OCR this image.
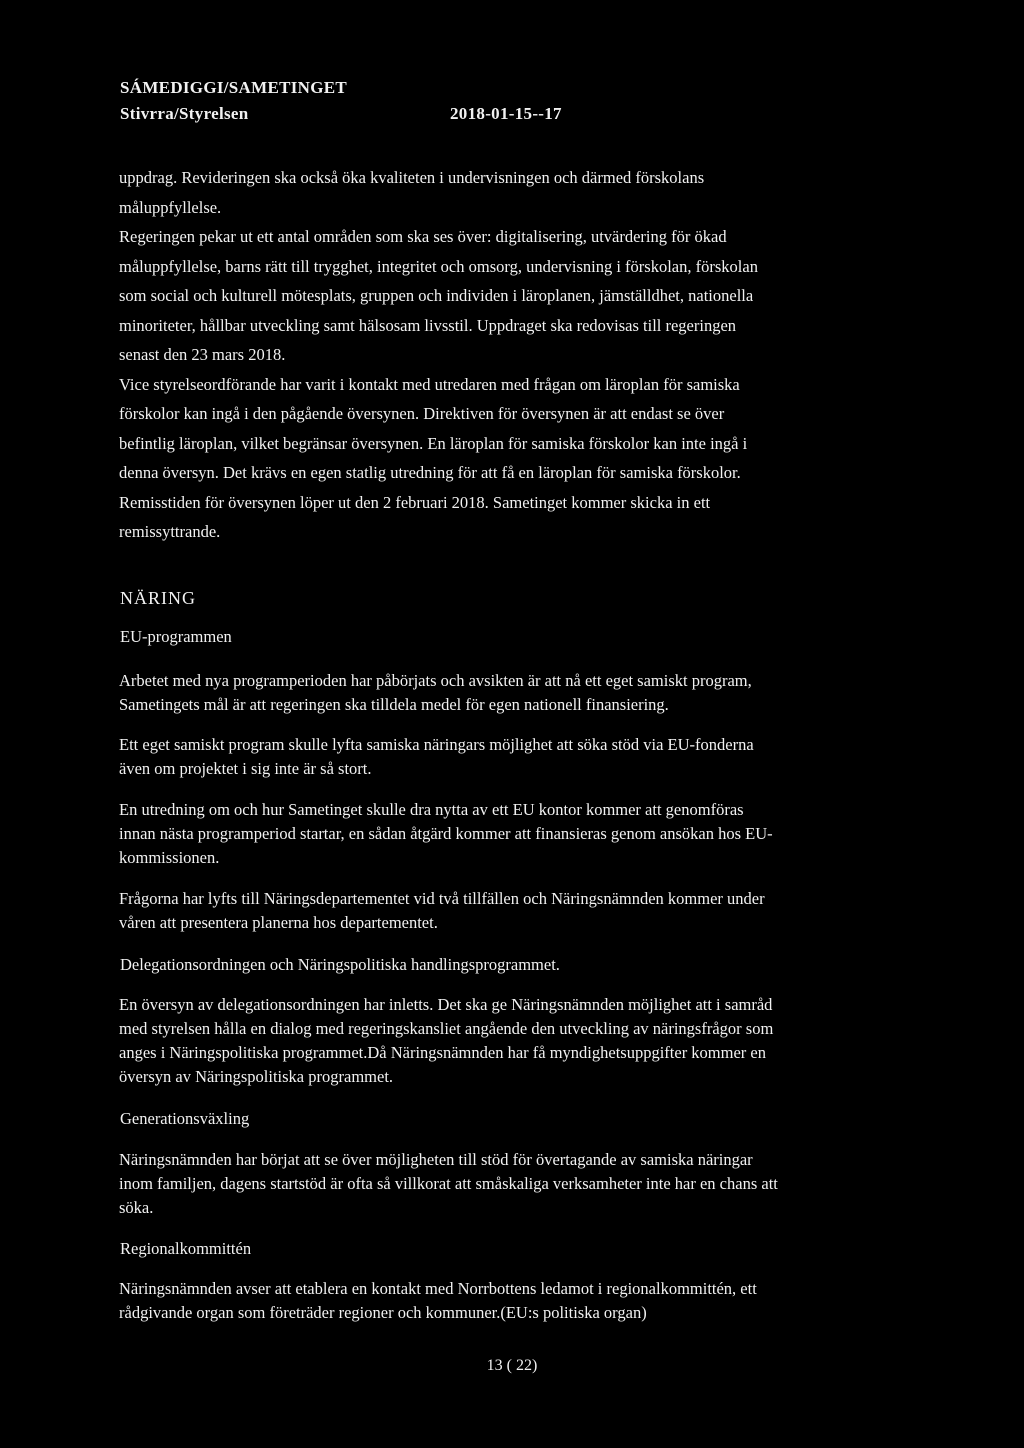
SÁMEDIGGI/SAMETINGET
Stivrra/Styrelsen	2018-01-15--17
uppdrag. Revideringen ska också öka kvaliteten i undervisningen och därmed förskolans
måluppfyllelse.
Regeringen pekar ut ett antal områden som ska ses över: digitalisering, utvärdering för ökad
måluppfyllelse, barns rätt till trygghet, integritet och omsorg, undervisning i förskolan, förskolan
som social och kulturell mötesplats, gruppen och individen i läroplanen, jämställdhet, nationella
minoriteter, hållbar utveckling samt hälsosam livsstil. Uppdraget ska redovisas till regeringen
senast den 23 mars 2018.
Vice styrelseordförande har varit i kontakt med utredaren med frågan om läroplan för samiska
förskolor kan ingå i den pågående översynen. Direktiven för översynen är att endast se över
befintlig läroplan, vilket begränsar översynen. En läroplan för samiska förskolor kan inte ingå i
denna översyn. Det krävs en egen statlig utredning för att få en läroplan för samiska förskolor.
Remisstiden för översynen löper ut den 2 februari 2018. Sametinget kommer skicka in ett
remissyttrande.
NÄRING
EU-programmen
Arbetet med nya programperioden har påbörjats och avsikten är att nå ett eget samiskt program,
Sametingets mål är att regeringen ska tilldela medel för egen nationell finansiering.
Ett eget samiskt program skulle lyfta samiska näringars möjlighet att söka stöd via EU-fonderna
även om projektet i sig inte är så stort.
En utredning om och hur Sametinget skulle dra nytta av ett EU kontor kommer att genomföras
innan nästa programperiod startar, en sådan åtgärd kommer att finansieras genom ansökan hos EU-
kommissionen.
Frågorna har lyfts till Näringsdepartementet vid två tillfällen och Näringsnämnden kommer under
våren att presentera planerna hos departementet.
Delegationsordningen och Näringspolitiska handlingsprogrammet.
En översyn av delegationsordningen har inletts. Det ska ge Näringsnämnden möjlighet att i samråd
med styrelsen hålla en dialog med regeringskansliet angående den utveckling av näringsfrågor som
anges i Näringspolitiska programmet.Då Näringsnämnden har få myndighetsuppgifter kommer en
översyn av Näringspolitiska programmet.
Generationsväxling
Näringsnämnden har börjat att se över möjligheten till stöd för övertagande av samiska näringar
inom familjen, dagens startstöd är ofta så villkorat att småskaliga verksamheter inte har en chans att
söka.
Regionalkommittén
Näringsnämnden avser att etablera en kontakt med Norrbottens ledamot i regionalkommittén, ett
rådgivande organ som företräder regioner och kommuner.(EU:s politiska organ)
13 ( 22)
